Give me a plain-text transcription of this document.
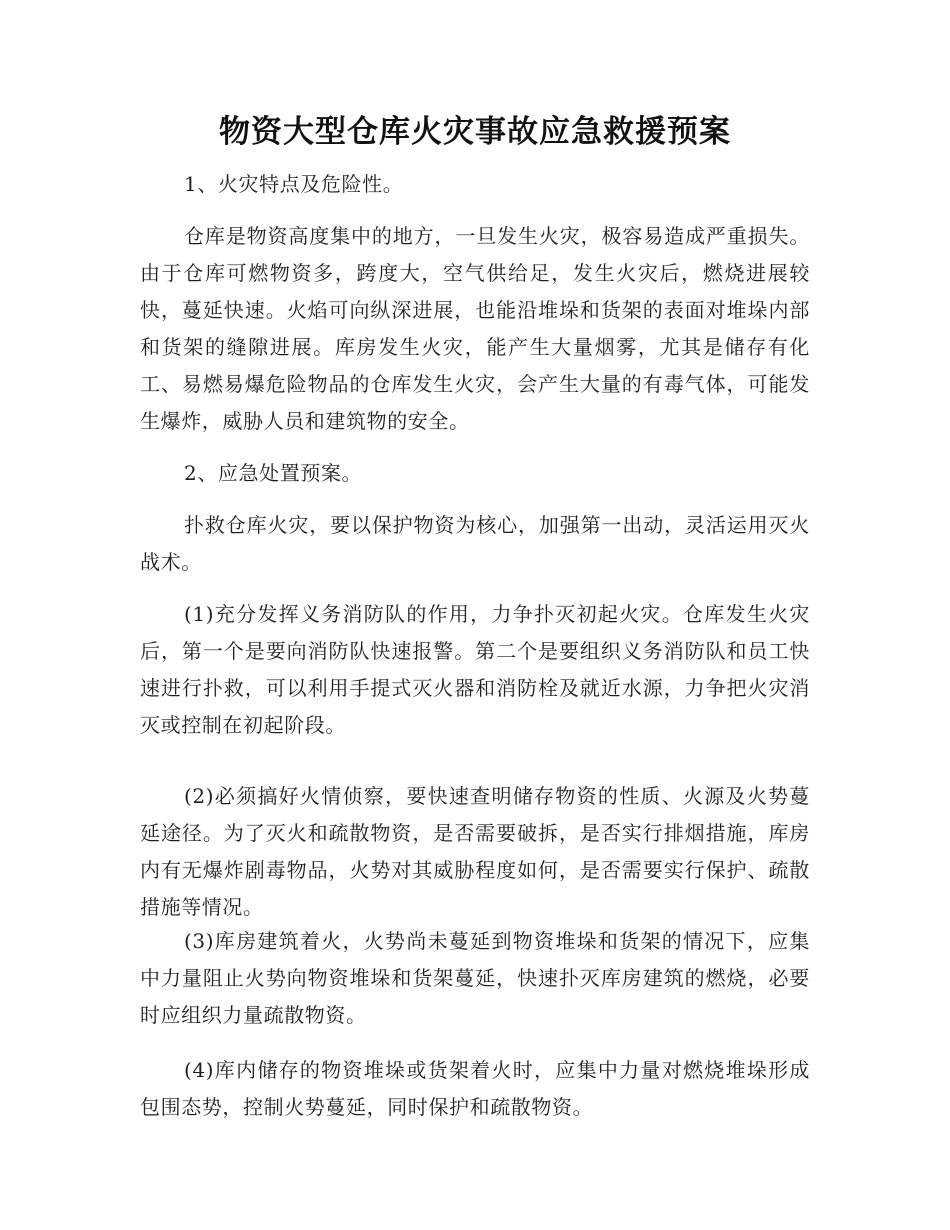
物资大型仓库火灾事故应急救援预案

1、火灾特点及危险性。

仓库是物资高度集中的地方，一旦发生火灾，极容易造成严重损失。由于仓库可燃物资多，跨度大，空气供给足，发生火灾后，燃烧进展较快，蔓延快速。火焰可向纵深进展，也能沿堆垛和货架的表面对堆垛内部和货架的缝隙进展。库房发生火灾，能产生大量烟雾，尤其是储存有化工、易燃易爆危险物品的仓库发生火灾，会产生大量的有毒气体，可能发生爆炸，威胁人员和建筑物的安全。

2、应急处置预案。

扑救仓库火灾，要以保护物资为核心，加强第一出动，灵活运用灭火战术。

(1)充分发挥义务消防队的作用，力争扑灭初起火灾。仓库发生火灾后，第一个是要向消防队快速报警。第二个是要组织义务消防队和员工快速进行扑救，可以利用手提式灭火器和消防栓及就近水源，力争把火灾消灭或控制在初起阶段。

(2)必须搞好火情侦察，要快速查明储存物资的性质、火源及火势蔓延途径。为了灭火和疏散物资，是否需要破拆，是否实行排烟措施，库房内有无爆炸剧毒物品，火势对其威胁程度如何，是否需要实行保护、疏散措施等情况。

(3)库房建筑着火，火势尚未蔓延到物资堆垛和货架的情况下，应集中力量阻止火势向物资堆垛和货架蔓延，快速扑灭库房建筑的燃烧，必要时应组织力量疏散物资。

(4)库内储存的物资堆垛或货架着火时，应集中力量对燃烧堆垛形成包围态势，控制火势蔓延，同时保护和疏散物资。
